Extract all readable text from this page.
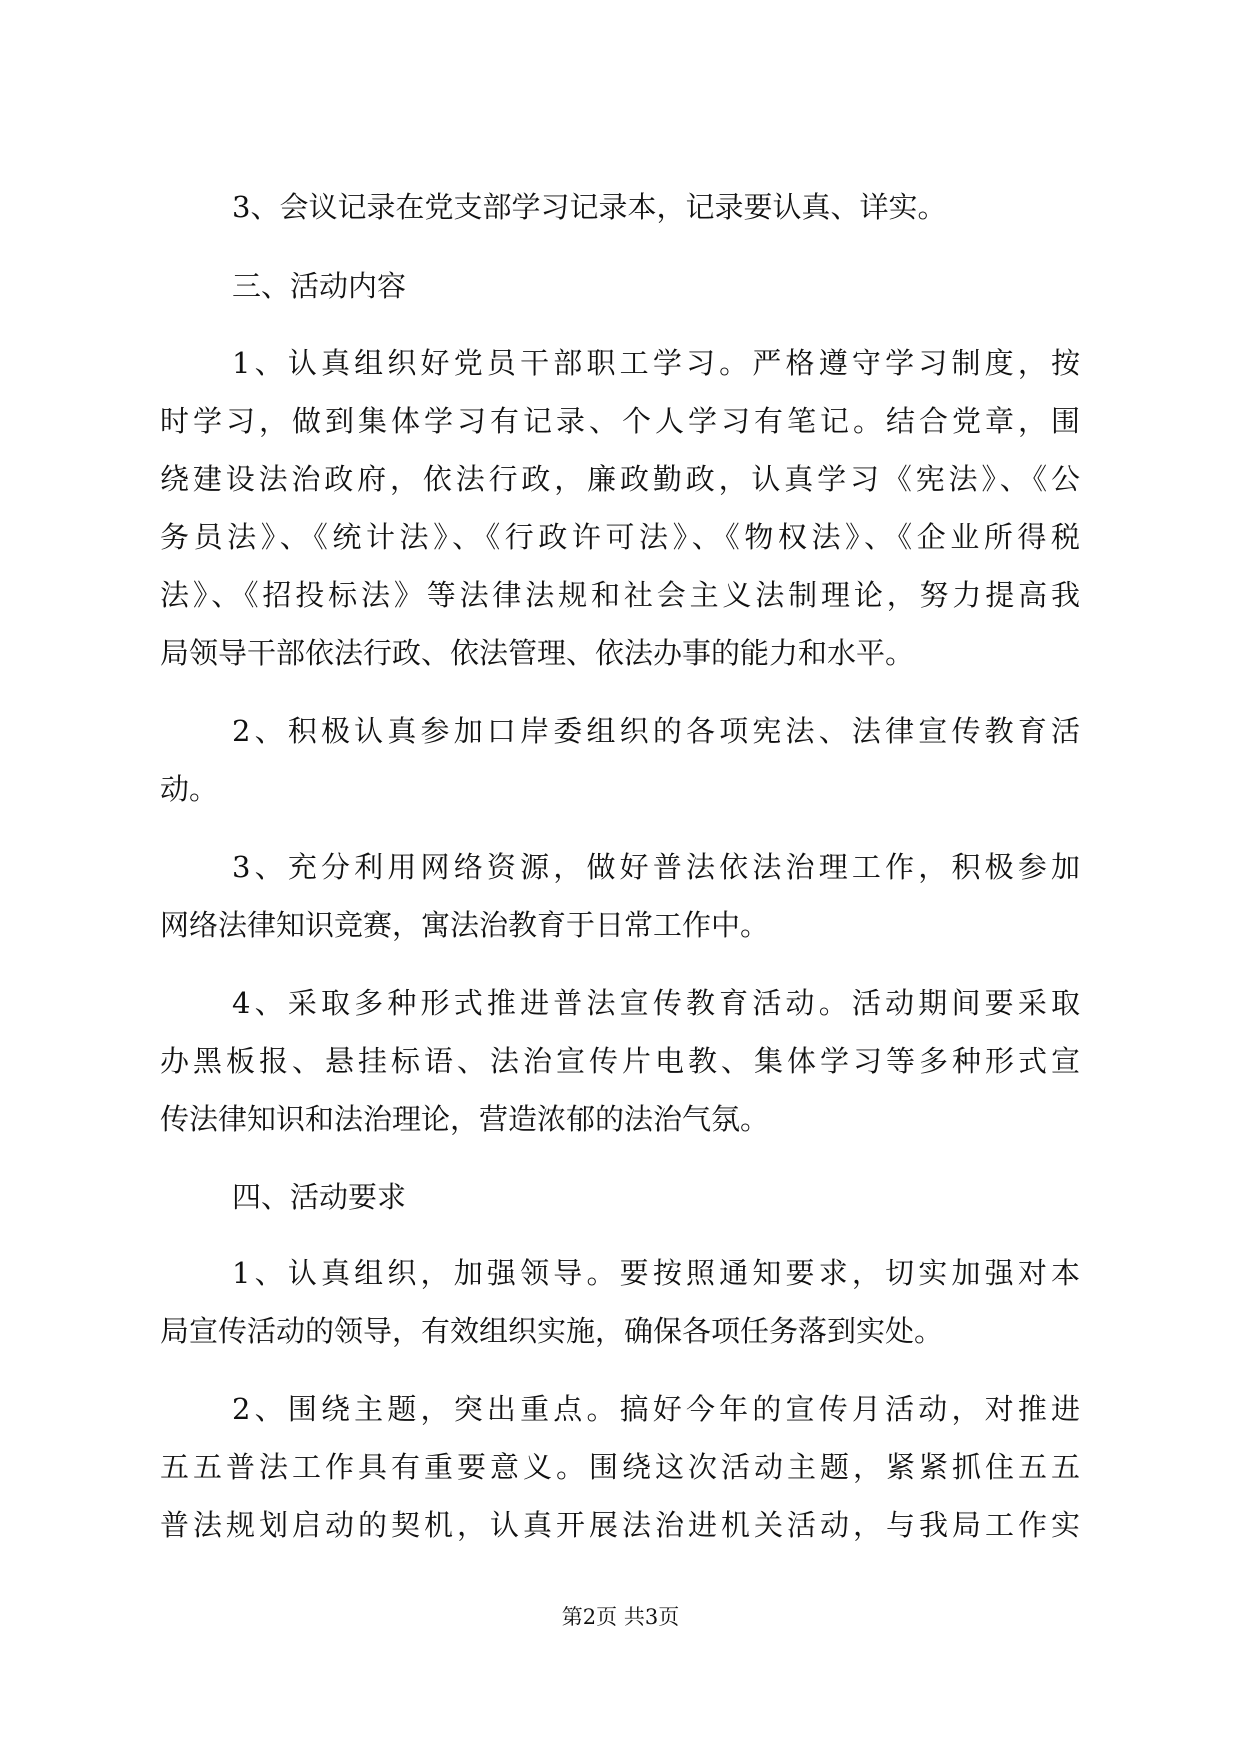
3、会议记录在党支部学习记录本，记录要认真、详实。
三、活动内容
1、认真组织好党员干部职工学习。严格遵守学习制度，按
时学习，做到集体学习有记录、个人学习有笔记。结合党章，围
绕建设法治政府，依法行政，廉政勤政，认真学习《宪法》、《公
务员法》、《统计法》、《行政许可法》、《物权法》、《企业所得税
法》、《招投标法》等法律法规和社会主义法制理论，努力提高我
局领导干部依法行政、依法管理、依法办事的能力和水平。
2、积极认真参加口岸委组织的各项宪法、法律宣传教育活
动。
3、充分利用网络资源，做好普法依法治理工作，积极参加
网络法律知识竞赛，寓法治教育于日常工作中。
4、采取多种形式推进普法宣传教育活动。活动期间要采取
办黑板报、悬挂标语、法治宣传片电教、集体学习等多种形式宣
传法律知识和法治理论，营造浓郁的法治气氛。
四、活动要求
1、认真组织，加强领导。要按照通知要求，切实加强对本
局宣传活动的领导，有效组织实施，确保各项任务落到实处。
2、围绕主题，突出重点。搞好今年的宣传月活动，对推进
五五普法工作具有重要意义。围绕这次活动主题，紧紧抓住五五
普法规划启动的契机，认真开展法治进机关活动，与我局工作实
第2页 共3页
